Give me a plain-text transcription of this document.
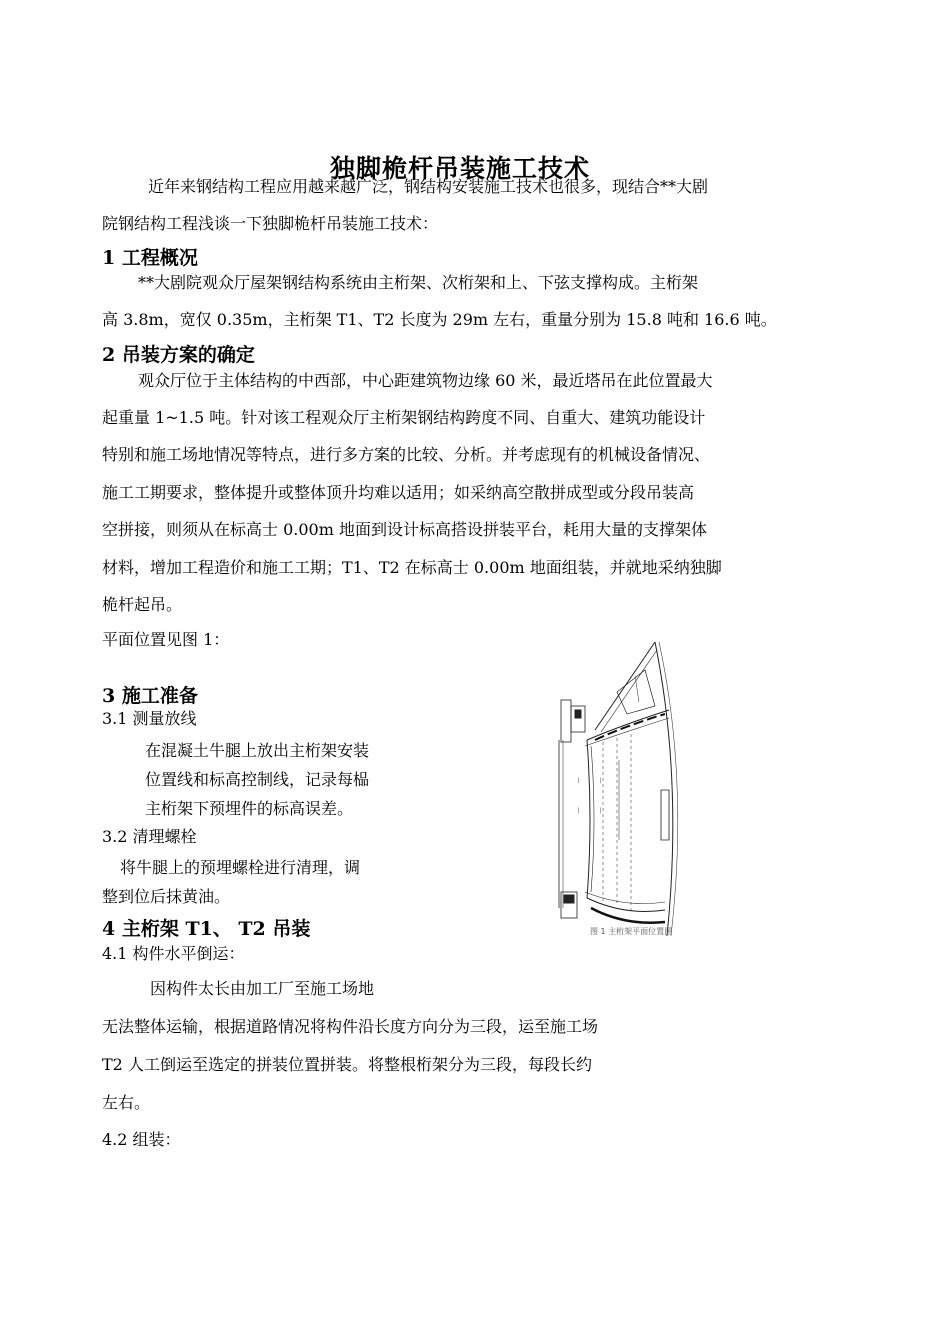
独脚桅杆吊装施工技术

近年来钢结构工程应用越来越广泛，钢结构安装施工技术也很多，现结合**大剧

院钢结构工程浅谈一下独脚桅杆吊装施工技术：

1 工程概况

**大剧院观众厅屋架钢结构系统由主桁架、次桁架和上、下弦支撑构成。主桁架

高 3.8m，宽仅 0.35m，主桁架 T1、T2 长度为 29m 左右，重量分别为 15.8 吨和 16.6 吨。

2 吊装方案的确定

观众厅位于主体结构的中西部，中心距建筑物边缘 60 米，最近塔吊在此位置最大

起重量 1~1.5 吨。针对该工程观众厅主桁架钢结构跨度不同、自重大、建筑功能设计

特别和施工场地情况等特点，进行多方案的比较、分析。并考虑现有的机械设备情况、

施工工期要求，整体提升或整体顶升均难以适用；如采纳高空散拼成型或分段吊装高

空拼接，则须从在标高士 0.00m 地面到设计标高搭设拼装平台，耗用大量的支撑架体

材料，增加工程造价和施工工期；T1、T2 在标高士 0.00m 地面组装，并就地采纳独脚

桅杆起吊。

平面位置见图 1：

3 施工准备

3.1 测量放线

在混凝土牛腿上放出主桁架安装

位置线和标高控制线，记录每榀

主桁架下预埋件的标高误差。

3.2 清理螺栓

将牛腿上的预埋螺栓进行清理，调

整到位后抹黄油。

4 主桁架 T1、 T2 吊装

4.1 构件水平倒运：

因构件太长由加工厂至施工场地

无法整体运输，根据道路情况将构件沿长度方向分为三段，运至施工场

T2 人工倒运至选定的拼装位置拼装。将整根桁架分为三段，每段长约

左右。

4.2 组装：

│
│
│
│
图 1 主桁架平面位置图
